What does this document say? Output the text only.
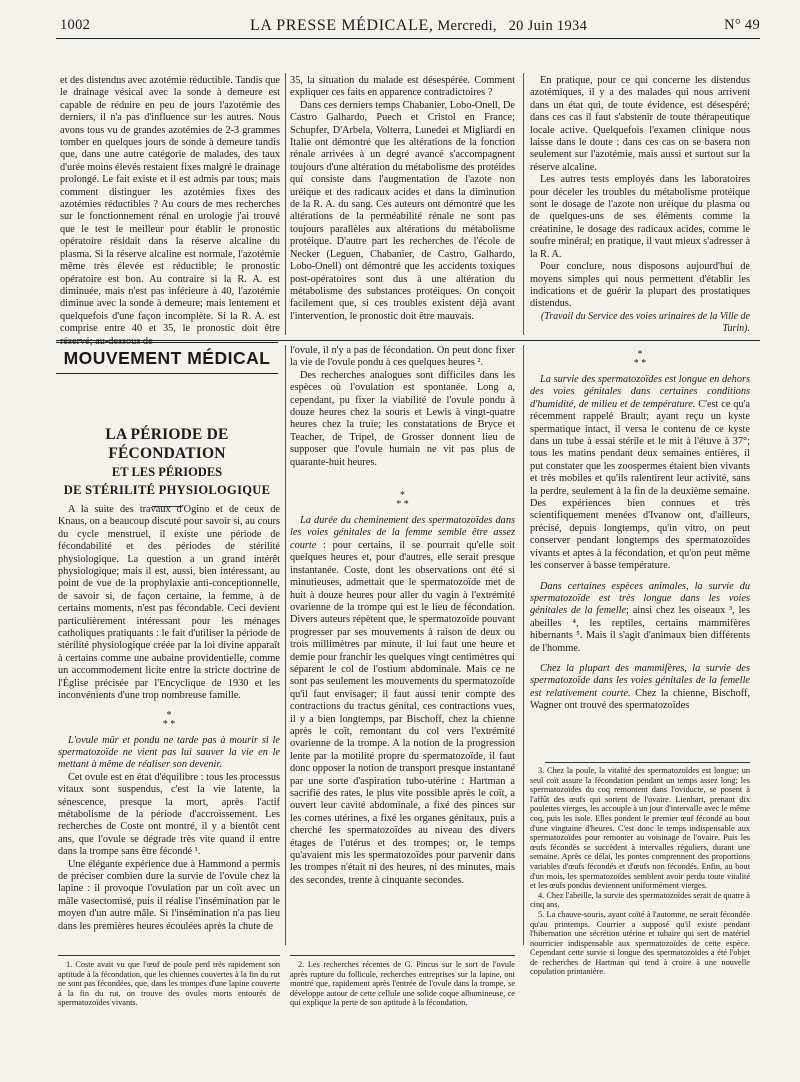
1002	LA PRESSE MÉDICALE, Mercredi, 20 Juin 1934	N° 49

et des distendus avec azotémie réductible. Tandis que le drainage vésical avec la sonde à demeure est capable de réduire en peu de jours l'azotémie des derniers, il n'a pas d'influence sur les autres. Nous avons tous vu de grandes azotémies de 2-3 grammes tomber en quelques jours de sonde à demeure tandis que, dans une autre catégorie de malades, des taux d'urée moins élevés restaient fixes malgré le drainage prolongé. Le fait existe et il est admis par tous; mais comment distinguer les azotémies fixes des azotémies réductibles ? Au cours de mes recherches sur le fonctionnement rénal en urologie j'ai trouvé que le test le meilleur pour établir le pronostic opératoire résidait dans la réserve alcaline du plasma. Si la réserve alcaline est normale, l'azotémie même très élevée est réductible; le pronostic opératoire est bon. Au contraire si la R. A. est diminuée, mais n'est pas inférieure à 40, l'azotémie diminue avec la sonde à demeure; mais lentement et quelquefois d'une façon incomplète. Si la R. A. est comprise entre 40 et 35, le pronostic doit être réservé; au-dessous de

35, la situation du malade est désespérée. Comment expliquer ces faits en apparence contradictoires ?

Dans ces derniers temps Chabanier, Lobo-Onell, De Castro Galhardo, Puech et Cristol en France; Schupfer, D'Arbela, Volterra, Lunedei et Migliardi en Italie ont démontré que les altérations de la fonction rénale arrivées à un degré avancé s'accompagnent toujours d'une altération du métabolisme des protéides qui consiste dans l'augmentation de l'azote non uréique et des radicaux acides et dans la diminution de la R. A. du sang. Ces auteurs ont démontré que les altérations de la perméabilité rénale ne sont pas toujours parallèles aux altérations du métabolisme protéique. D'autre part les recherches de l'école de Necker (Leguen, Chabanier, de Castro, Galhardo, Lobo-Onell) ont démontré que les accidents toxiques post-opératoires sont dus à une altération du métabolisme des substances protéiques. On conçoit facilement que, si ces troubles existent déjà avant l'intervention, le pronostic doit être mauvais.

En pratique, pour ce qui concerne les distendus azotémiques, il y a des malades qui nous arrivent dans un état qui, de toute évidence, est désespéré; dans ces cas il faut s'abstenir de toute thérapeutique locale active. Quelquefois l'examen clinique nous laisse dans le doute : dans ces cas on se basera non seulement sur l'azotémie, mais aussi et surtout sur la réserve alcaline.

Les autres tests employés dans les laboratoires pour déceler les troubles du métabolisme protéique sont le dosage de l'azote non uréique du plasma ou de quelques-uns de ses éléments comme la créatinine, le dosage des radicaux acides, comme le soufre minéral; en pratique, il vaut mieux s'adresser à la R. A.

Pour conclure, nous disposons aujourd'hui de moyens simples qui nous permettent d'établir les indications et de guérir la plupart des prostatiques distendus.

(Travail du Service des voies urinaires de la Ville de Turin).

MOUVEMENT MÉDICAL
LA PÉRIODE DE FÉCONDATION
ET LES PÉRIODES
DE STÉRILITÉ PHYSIOLOGIQUE

A la suite des travaux d'Ogino et de ceux de Knaus, on a beaucoup discuté pour savoir si, au cours du cycle menstruel, il existe une période de fécondabilité et des périodes de stérilité physiologique. La question a un grand intérêt physiologique; mais il est, aussi, bien intéressant, au point de vue de la prophylaxie anti-conceptionnelle, de savoir si, de façon certaine, la femme, à de certains moments, n'est pas fécondable. Ceci devient particulièrement intéressant pour les ménages catholiques pratiquants : le fait d'utiliser la période de stérilité physiologique créée par la loi divine apparaît à certains comme une aubaine providentielle, comme un accommodement licite entre la stricte doctrine de l'Église précisée par l'Encyclique de 1930 et les inconvénients d'une trop nombreuse famille.

*
* *

L'ovule mûr et pondu ne tarde pas à mourir si le spermatozoïde ne vient pas lui sauver la vie en le mettant à même de réaliser son devenir.

Cet ovule est en état d'équilibre : tous les processus vitaux sont suspendus, c'est la vie latente, la sénescence, presque la mort, après l'actif métabolisme de la période d'accroissement. Les recherches de Coste ont montré, il y a bientôt cent ans, que l'ovule se dégrade très vite quand il entre dans la trompe sans être fécondé ¹.

Une élégante expérience due à Hammond a permis de préciser combien dure la survie de l'ovule chez la lapine : il provoque l'ovulation par un coït avec un mâle vasectomisé, puis il réalise l'insémination par le moyen d'un autre mâle. Si l'insémination n'a pas lieu dans les premières heures écoulées après la chute de

l'ovule, il n'y a pas de fécondation. On peut donc fixer la vie de l'ovule pondu à ces quelques heures ².

Des recherches analogues sont difficiles dans les espèces où l'ovulation est spontanée. Long a, cependant, pu fixer la viabilité de l'ovule pondu à douze heures chez la souris et Lewis à vingt-quatre heures chez la truie; les constatations de Bryce et Teacher, de Tripel, de Grosser donnent lieu de supposer que l'ovule humain ne vit pas plus de quarante-huit heures.

*
* *

La durée du cheminement des spermatozoïdes dans les voies génitales de la femme semble être assez courte : pour certains, il se pourrait qu'elle soit quelques heures et, pour d'autres, elle serait presque instantanée. Coste, dont les observations ont été si minutieuses, admettait que le spermatozoïde met de huit à douze heures pour aller du vagin à l'extrémité ovarienne de la trompe qui est le lieu de fécondation. Divers auteurs répètent que, le spermatozoïde pouvant progresser par ses mouvements à raison de deux ou trois millimètres par minute, il lui faut une heure et demie pour franchir les quelques vingt centimètres qui séparent le col de l'ostium abdominale. Mais ce ne sont pas seulement les mouvements du spermatozoïde qu'il faut envisager; il faut aussi tenir compte des contractions du tractus génital, ces contractions vues, il y a bien longtemps, par Bischoff, chez la chienne après le coït, remontant du col vers l'extrémité ovarienne de la trompe. A la notion de la progression lente par la motilité propre du spermatozoïde, il faut donc opposer la notion de transport presque instantané par une sorte d'aspiration tubo-utérine : Hartman a sacrifié des rates, le plus vite possible après le coït, a ouvert leur cavité abdominale, a fixé des pinces sur les cornes utérines, a fixé les organes génitaux, puis a cherché les spermatozoïdes au niveau des divers étages de l'utérus et des trompes; or, le temps qu'avaient mis les spermatozoïdes pour parvenir dans les trompes n'était ni des heures, ni des minutes, mais des secondes, trente à cinquante secondes.

*
* *

La survie des spermatozoïdes est longue en dehors des voies génitales dans certaines conditions d'humidité, de milieu et de température. C'est ce qu'a récemment rappelé Brault; ayant reçu un kyste spermatique intact, il versa le contenu de ce kyste dans un tube à essai stérile et le mit à l'étuve à 37°; tous les matins pendant deux semaines entières, il put constater que les zoospermes étaient bien vivants et très mobiles et qu'ils ralentirent leur activité, sans la perdre, seulement à la fin de la deuxième semaine. Des expériences bien connues et très scientifiquement menées d'Ivanow ont, d'ailleurs, précisé, depuis longtemps, qu'in vitro, on peut conserver pendant longtemps des spermatozoïdes vivants et aptes à la fécondation, et qu'on peut même les conserver à basse température.

Dans certaines espèces animales, la survie du spermatozoïde est très longue dans les voies génitales de la femelle; ainsi chez les oiseaux ³, les abeilles ⁴, les reptiles, certains mammifères hibernants ⁵. Mais il s'agit d'animaux bien différents de l'homme.

Chez la plupart des mammifères, la survie des spermatozoïde dans les voies génitales de la femelle est relativement courte. Chez la chienne, Bischoff, Wagner ont trouvé des spermatozoïdes

3. Chez la poule, la vitalité des spermatozoïdes est longue; un seul coït assure la fécondation pendant un temps assez long; les spermatozoïdes du coq remontent dans l'oviducte, se posent à l'affût des œufs qui sortent de l'ovaire. Lienhart, prenant dix poulettes vierges, les accouple à un jour d'intervalle avec le même coq, puis les isole. Elles pondent le premier œuf fécondé au bout d'une vingtaine d'heures. C'est donc le temps indispensable aux spermatozoïdes pour remonter au voisinage de l'ovaire. Puis les œufs fécondés se succèdent à intervalles réguliers, durant une semaine. Après ce délai, les pontes comprennent des proportions variables d'œufs fécondés et d'œufs non fécondés. Enfin, au bout d'un mois, les spermatozoïdes semblent avoir perdu toute vitalité et les œufs pondus deviennent uniformément vierges.

4. Chez l'abeille, la survie des spermatozoïdes serait de quatre à cinq ans.

5. La chauve-souris, ayant coïté à l'automne, ne serait fécondée qu'au printemps. Courrier a supposé qu'il existe pendant l'hibernation une sécrétion utérine et tubaire qui sert de matériel nourricier indispensable aux spermatozoïdes de cette espèce. Cependant cette survie si longue des spermatozoïdes a été l'objet de recherches de Hartman qui tend à croire à une nouvelle copulation printanière.

1. Coste avait vu que l'œuf de poule perd très rapidement son aptitude à la fécondation, que les chiennes couvertes à la fin du rut ne sont pas fécondées, que, dans les trompes d'une lapine couverte à la fin du rut, on trouve des ovules morts entourés de spermatozoïdes vivants.

2. Les recherches récentes de G. Pincus sur le sort de l'ovule après rupture du follicule, recherches entreprises sur la lapine, ont montré que, rapidement après l'entrée de l'ovule dans la trompe, se développe autour de cette cellule une solide coque albumineuse, ce qui explique la perte de son aptitude à la fécondation.
